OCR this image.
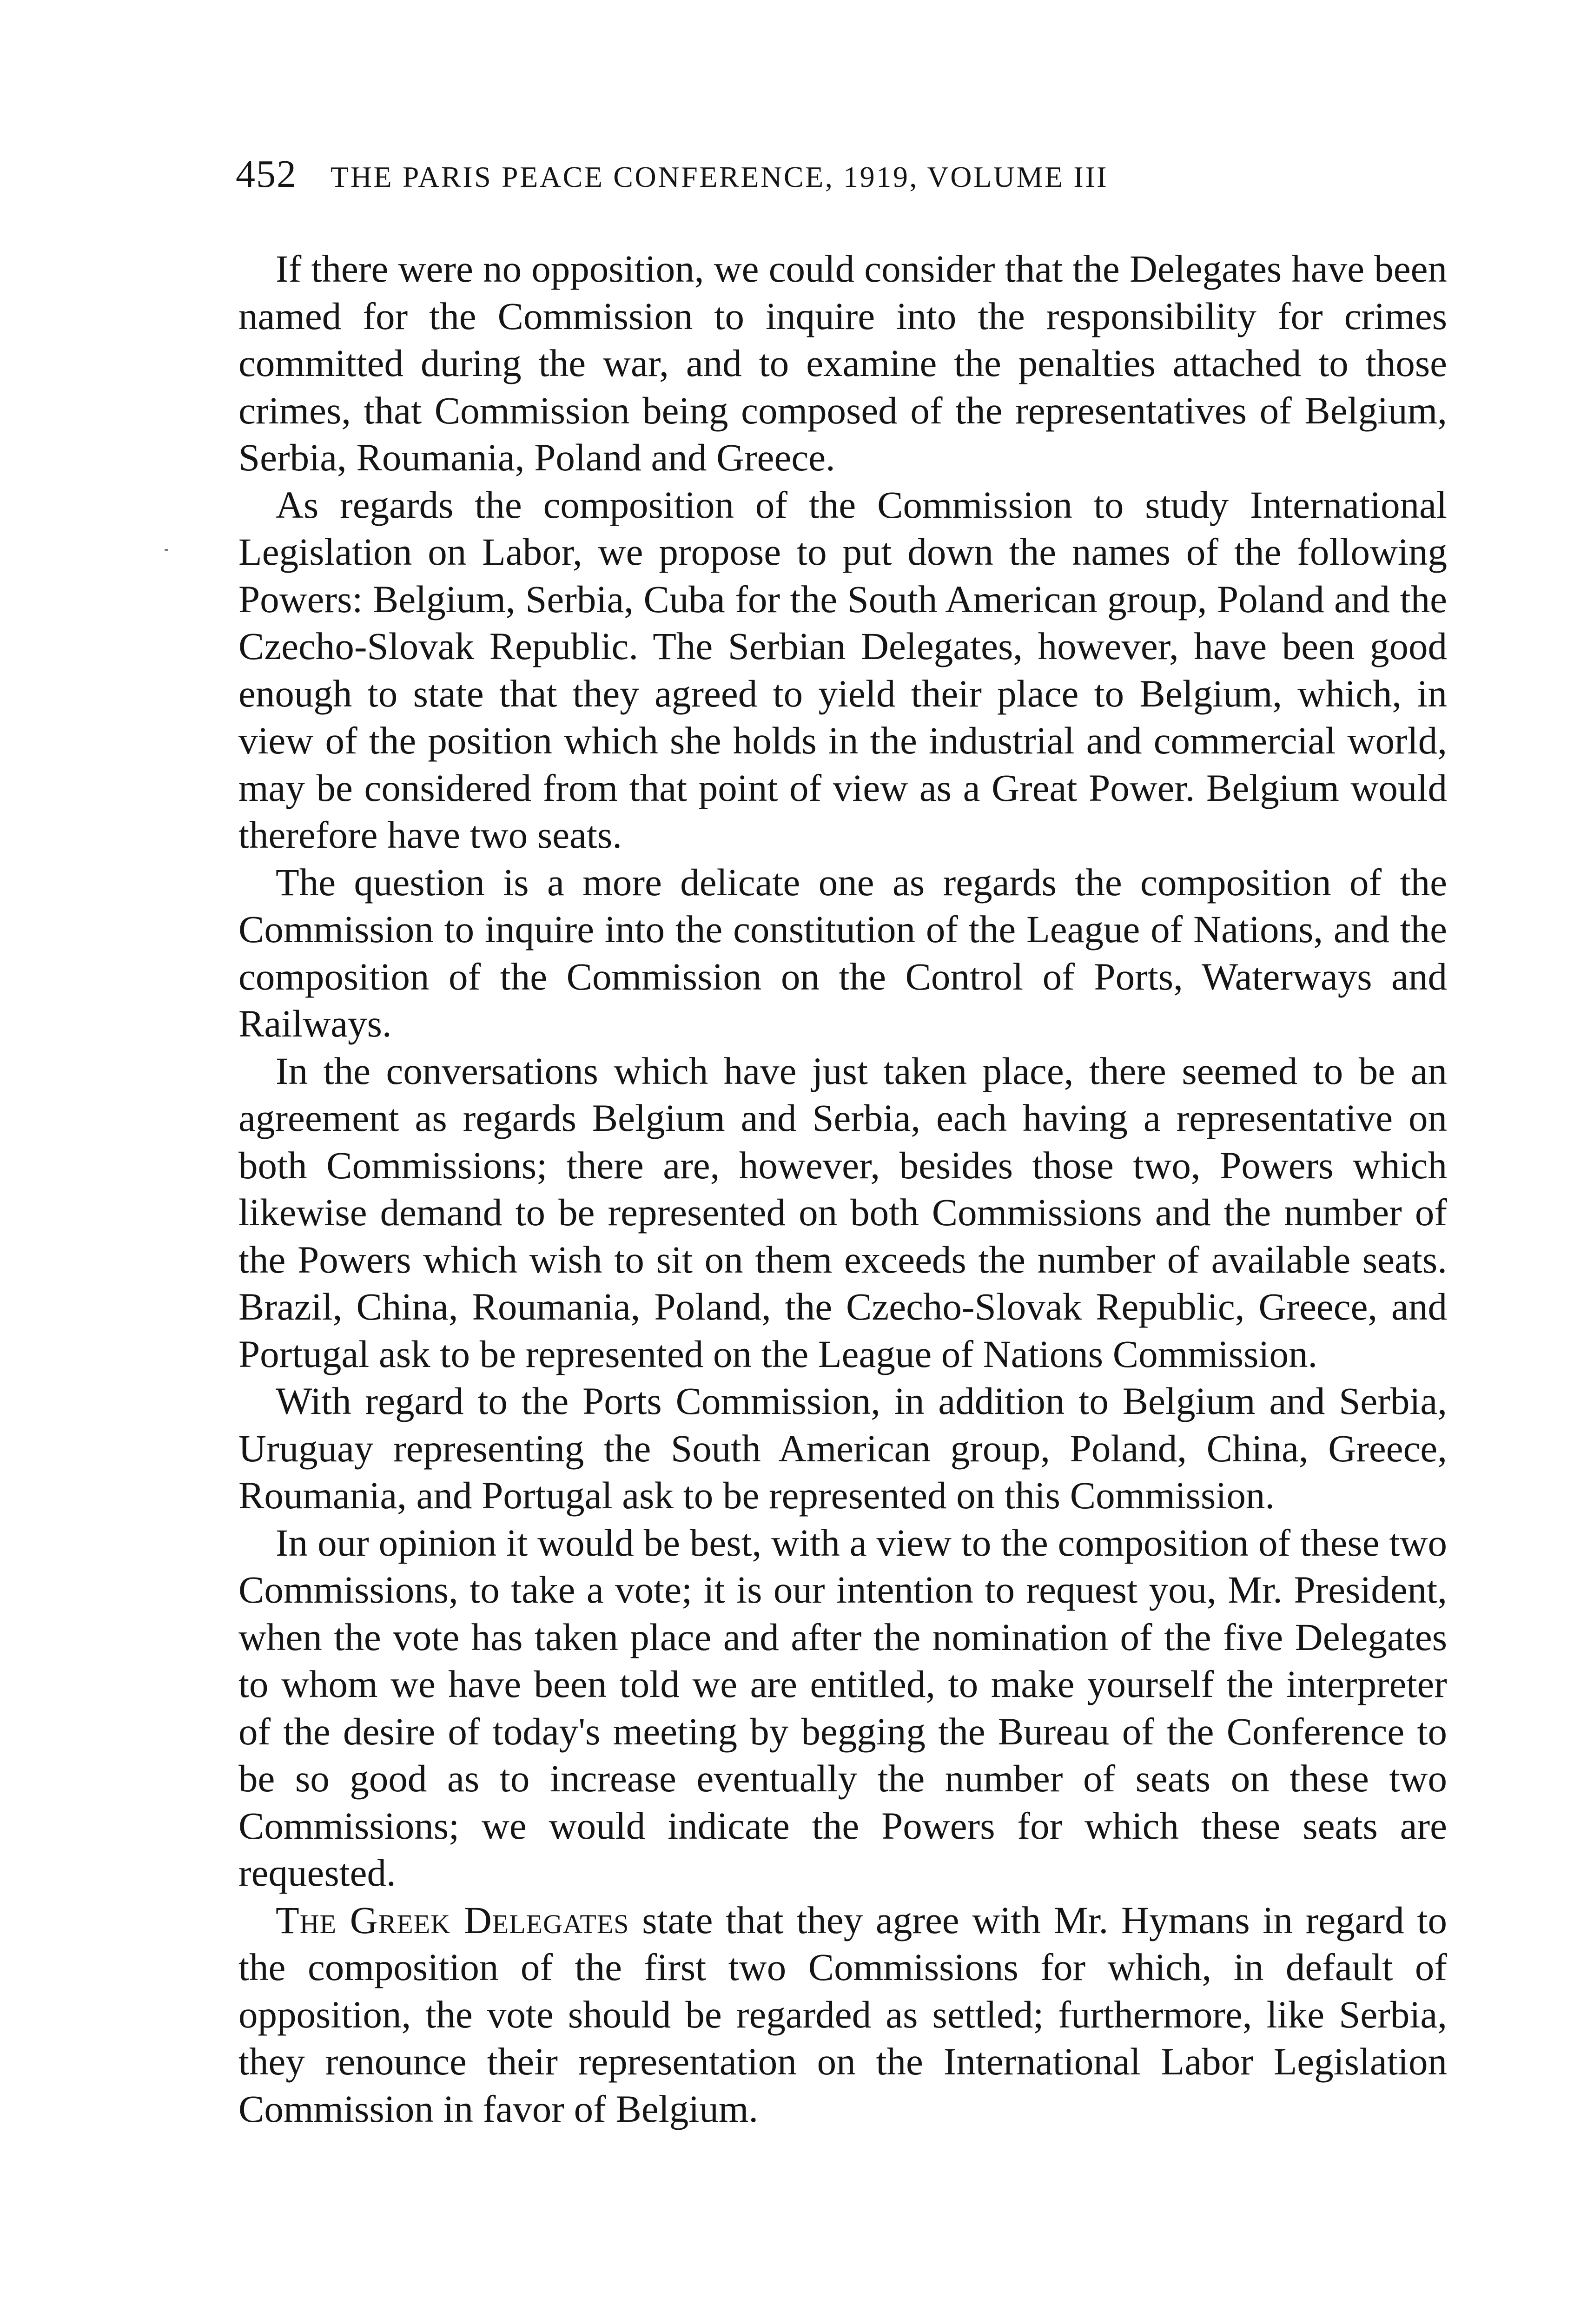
452 THE PARIS PEACE CONFERENCE, 1919, VOLUME III

If there were no opposition, we could consider that the Delegates have been named for the Commission to inquire into the responsibility for crimes committed during the war, and to examine the penalties attached to those crimes, that Commission being composed of the representatives of Belgium, Serbia, Roumania, Poland and Greece.

As regards the composition of the Commission to study International Legislation on Labor, we propose to put down the names of the following Powers: Belgium, Serbia, Cuba for the South American group, Poland and the Czecho-Slovak Republic. The Serbian Delegates, however, have been good enough to state that they agreed to yield their place to Belgium, which, in view of the position which she holds in the industrial and commercial world, may be considered from that point of view as a Great Power. Belgium would therefore have two seats.

The question is a more delicate one as regards the composition of the Commission to inquire into the constitution of the League of Nations, and the composition of the Commission on the Control of Ports, Waterways and Railways.

In the conversations which have just taken place, there seemed to be an agreement as regards Belgium and Serbia, each having a representative on both Commissions; there are, however, besides those two, Powers which likewise demand to be represented on both Commissions and the number of the Powers which wish to sit on them exceeds the number of available seats. Brazil, China, Roumania, Poland, the Czecho-Slovak Republic, Greece, and Portugal ask to be represented on the League of Nations Commission.

With regard to the Ports Commission, in addition to Belgium and Serbia, Uruguay representing the South American group, Poland, China, Greece, Roumania, and Portugal ask to be represented on this Commission.

In our opinion it would be best, with a view to the composition of these two Commissions, to take a vote; it is our intention to request you, Mr. President, when the vote has taken place and after the nomination of the five Delegates to whom we have been told we are entitled, to make yourself the interpreter of the desire of today's meeting by begging the Bureau of the Conference to be so good as to increase eventually the number of seats on these two Commissions; we would indicate the Powers for which these seats are requested.

The Greek Delegates state that they agree with Mr. Hymans in regard to the composition of the first two Commissions for which, in default of opposition, the vote should be regarded as settled; furthermore, like Serbia, they renounce their representation on the International Labor Legislation Commission in favor of Belgium.
